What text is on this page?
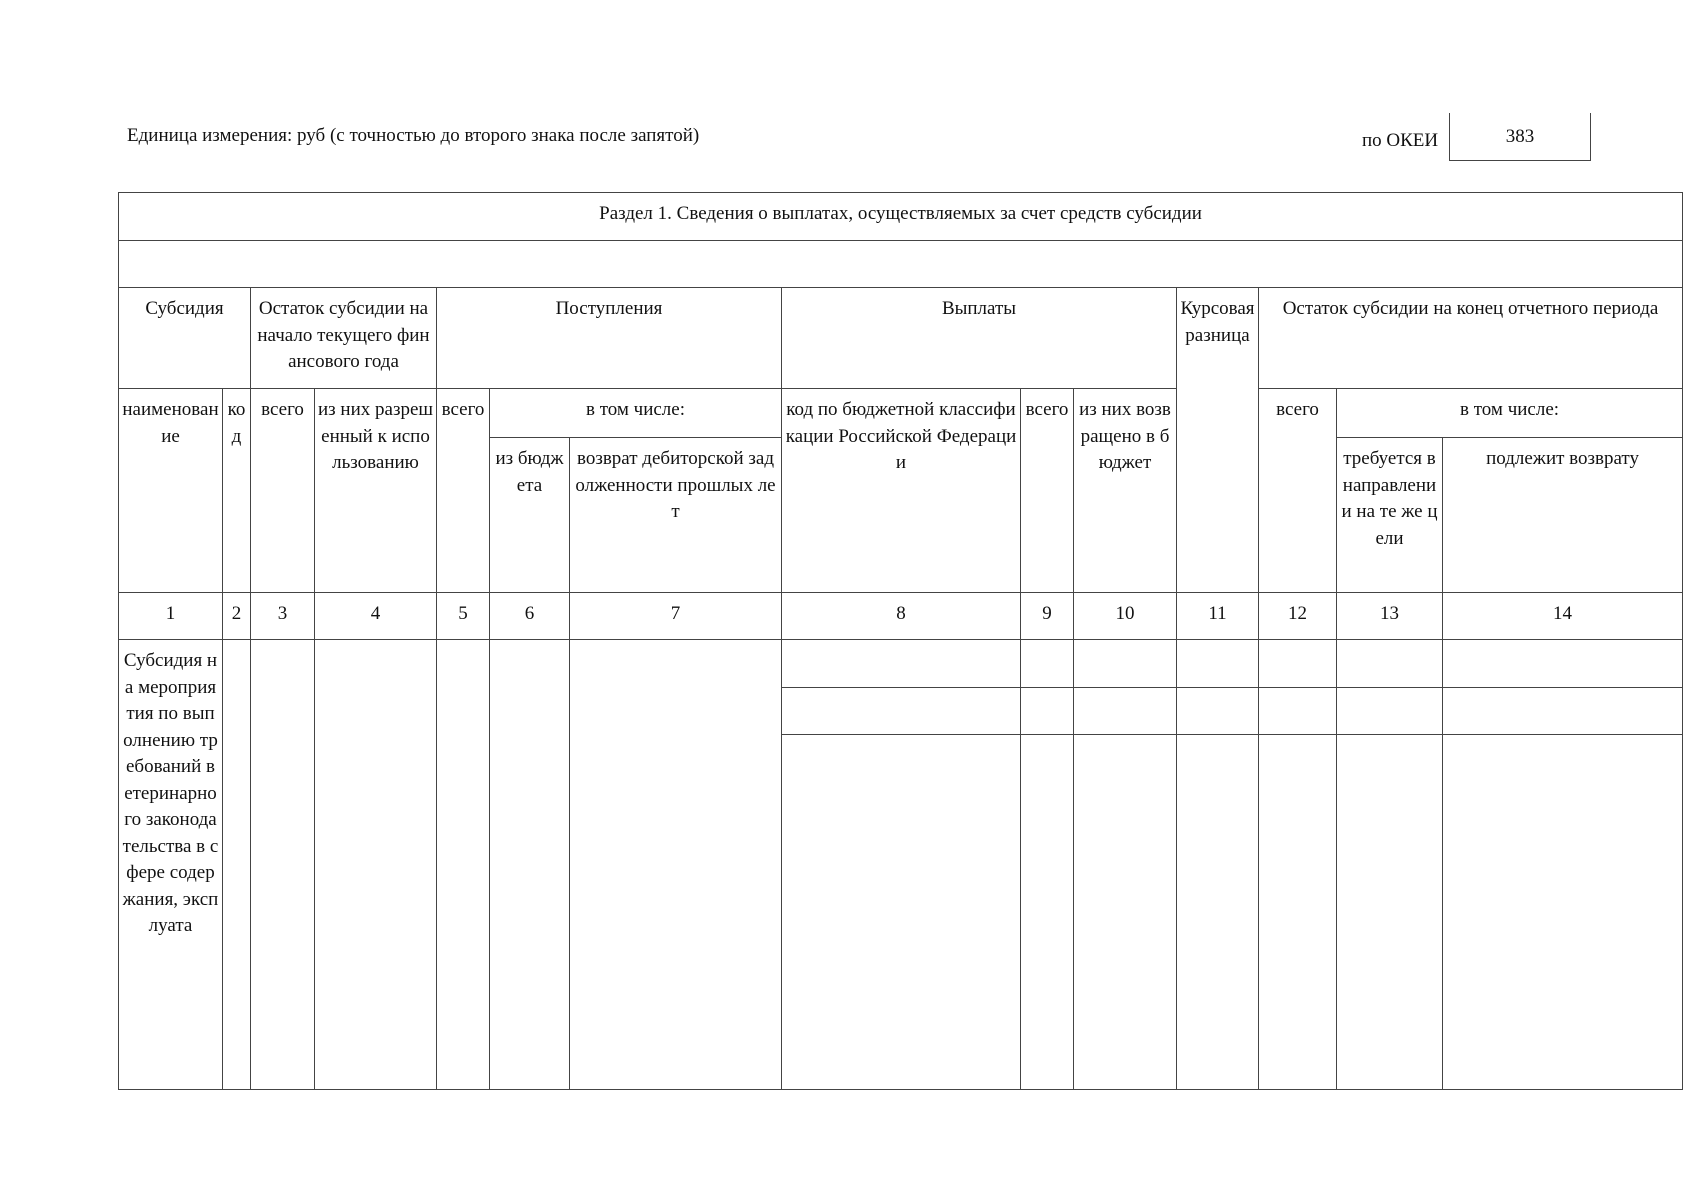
Единица измерения: руб (с точностью до второго знака после запятой)	по ОКЕИ	383
Раздел 1. Сведения о выплатах, осуществляемых за счет средств субсидии													

Субсидия		Остаток субсидии на начало текущего финансового года		Поступления			Выплаты			Курсовая разница	Остаток субсидии на конец отчетного периода		
наименование	код	всего	из них разрешенный к использованию	всего	в том числе:		код по бюджетной классификации Российской Федерации	всего	из них возвращено в бюджет		всего	в том числе:	
					из бюджета	возврат дебиторской задолженности прошлых лет						требуется в направлении на те же цели	подлежит возврату
1	2	3	4	5	6	7	8	9	10	11	12	13	14
Субсидия на мероприятия по выполнению требований ветеринарного законодательства в сфере содержания, эксплуата													
